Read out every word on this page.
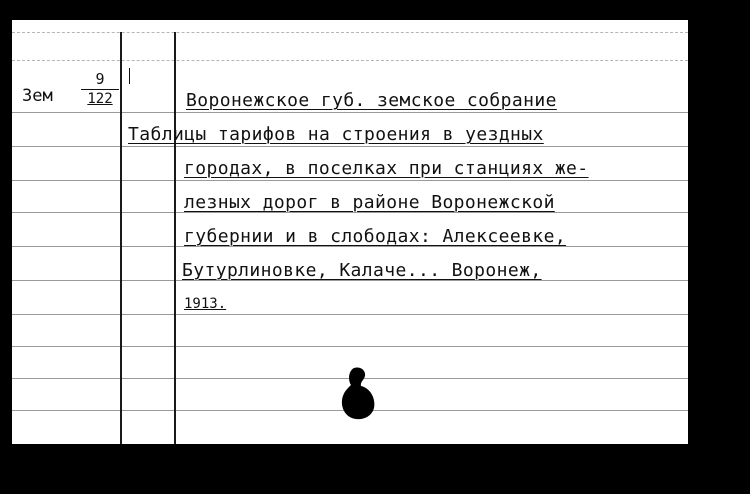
Зем
9
122	Воронежское губ. земское собрание
Таблицы тарифов на строения в уездных
городах, в поселках при станциях же-
лезных дорог в районе Воронежской
губернии и в слободах: Алексеевке,
Бутурлиновке, Калаче... Воронеж,
1913.
